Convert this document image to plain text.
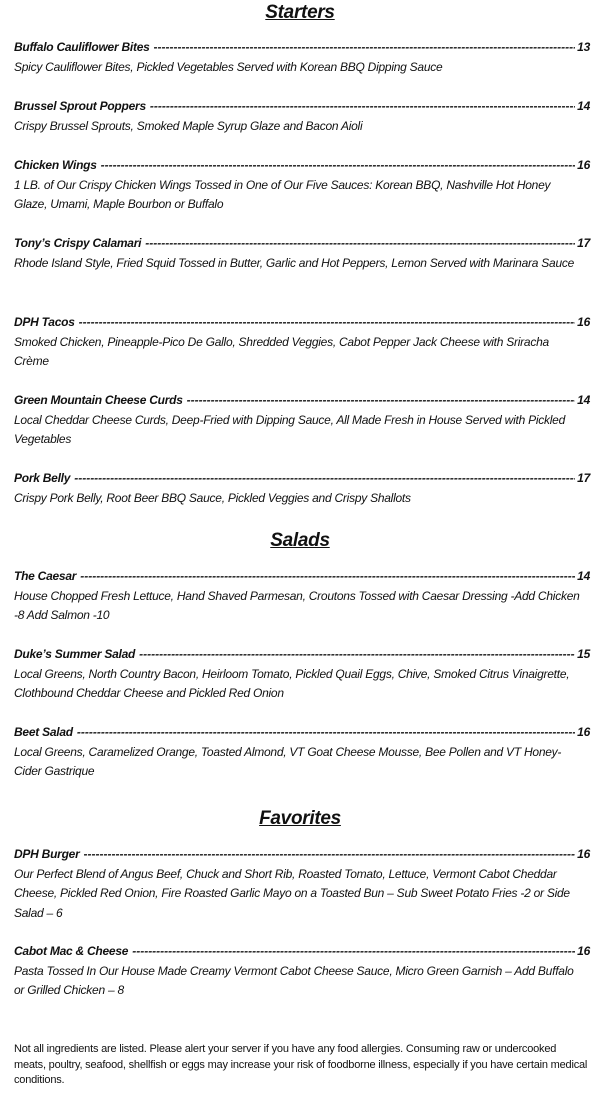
Starters
Salads
Favorites
Buffalo Cauliflower Bites -----	13
Spicy Cauliflower Bites, Pickled Vegetables Served with Korean BBQ Dipping Sauce
Brussel Sprout Poppers -----	14
Crispy Brussel Sprouts, Smoked Maple Syrup Glaze and Bacon Aioli
Chicken Wings -----	16
1 LB. of Our Crispy Chicken Wings Tossed in One of Our Five Sauces: Korean BBQ, Nashville Hot Honey Glaze, Umami, Maple Bourbon or Buffalo
Tony’s Crispy Calamari -----	17
Rhode Island Style, Fried Squid Tossed in Butter, Garlic and Hot Peppers, Lemon Served with Marinara Sauce
DPH Tacos -----	16
Smoked Chicken, Pineapple-Pico De Gallo, Shredded Veggies, Cabot Pepper Jack Cheese with Sriracha Crème
Green Mountain Cheese Curds -----	14
Local Cheddar Cheese Curds, Deep-Fried with Dipping Sauce, All Made Fresh in House Served with Pickled Vegetables
Pork Belly -----	17
Crispy Pork Belly, Root Beer BBQ Sauce, Pickled Veggies and Crispy Shallots
The Caesar -----	14
House Chopped Fresh Lettuce, Hand Shaved Parmesan, Croutons Tossed with Caesar Dressing -Add Chicken -8 Add Salmon -10
Duke’s Summer Salad -----	15
Local Greens, North Country Bacon, Heirloom Tomato, Pickled Quail Eggs, Chive, Smoked Citrus Vinaigrette, Clothbound Cheddar Cheese and Pickled Red Onion
Beet Salad -----	16
Local Greens, Caramelized Orange, Toasted Almond, VT Goat Cheese Mousse, Bee Pollen and VT Honey-Cider Gastrique
DPH Burger -----	16
Our Perfect Blend of Angus Beef, Chuck and Short Rib, Roasted Tomato, Lettuce, Vermont Cabot Cheddar Cheese, Pickled Red Onion, Fire Roasted Garlic Mayo on a Toasted Bun – Sub Sweet Potato Fries -2 or Side Salad – 6
Cabot Mac & Cheese -----	16
Pasta Tossed In Our House Made Creamy Vermont Cabot Cheese Sauce, Micro Green Garnish – Add Buffalo or Grilled Chicken – 8
Not all ingredients are listed. Please alert your server if you have any food allergies. Consuming raw or undercooked meats, poultry, seafood, shellfish or eggs may increase your risk of foodborne illness, especially if you have certain medical conditions.
